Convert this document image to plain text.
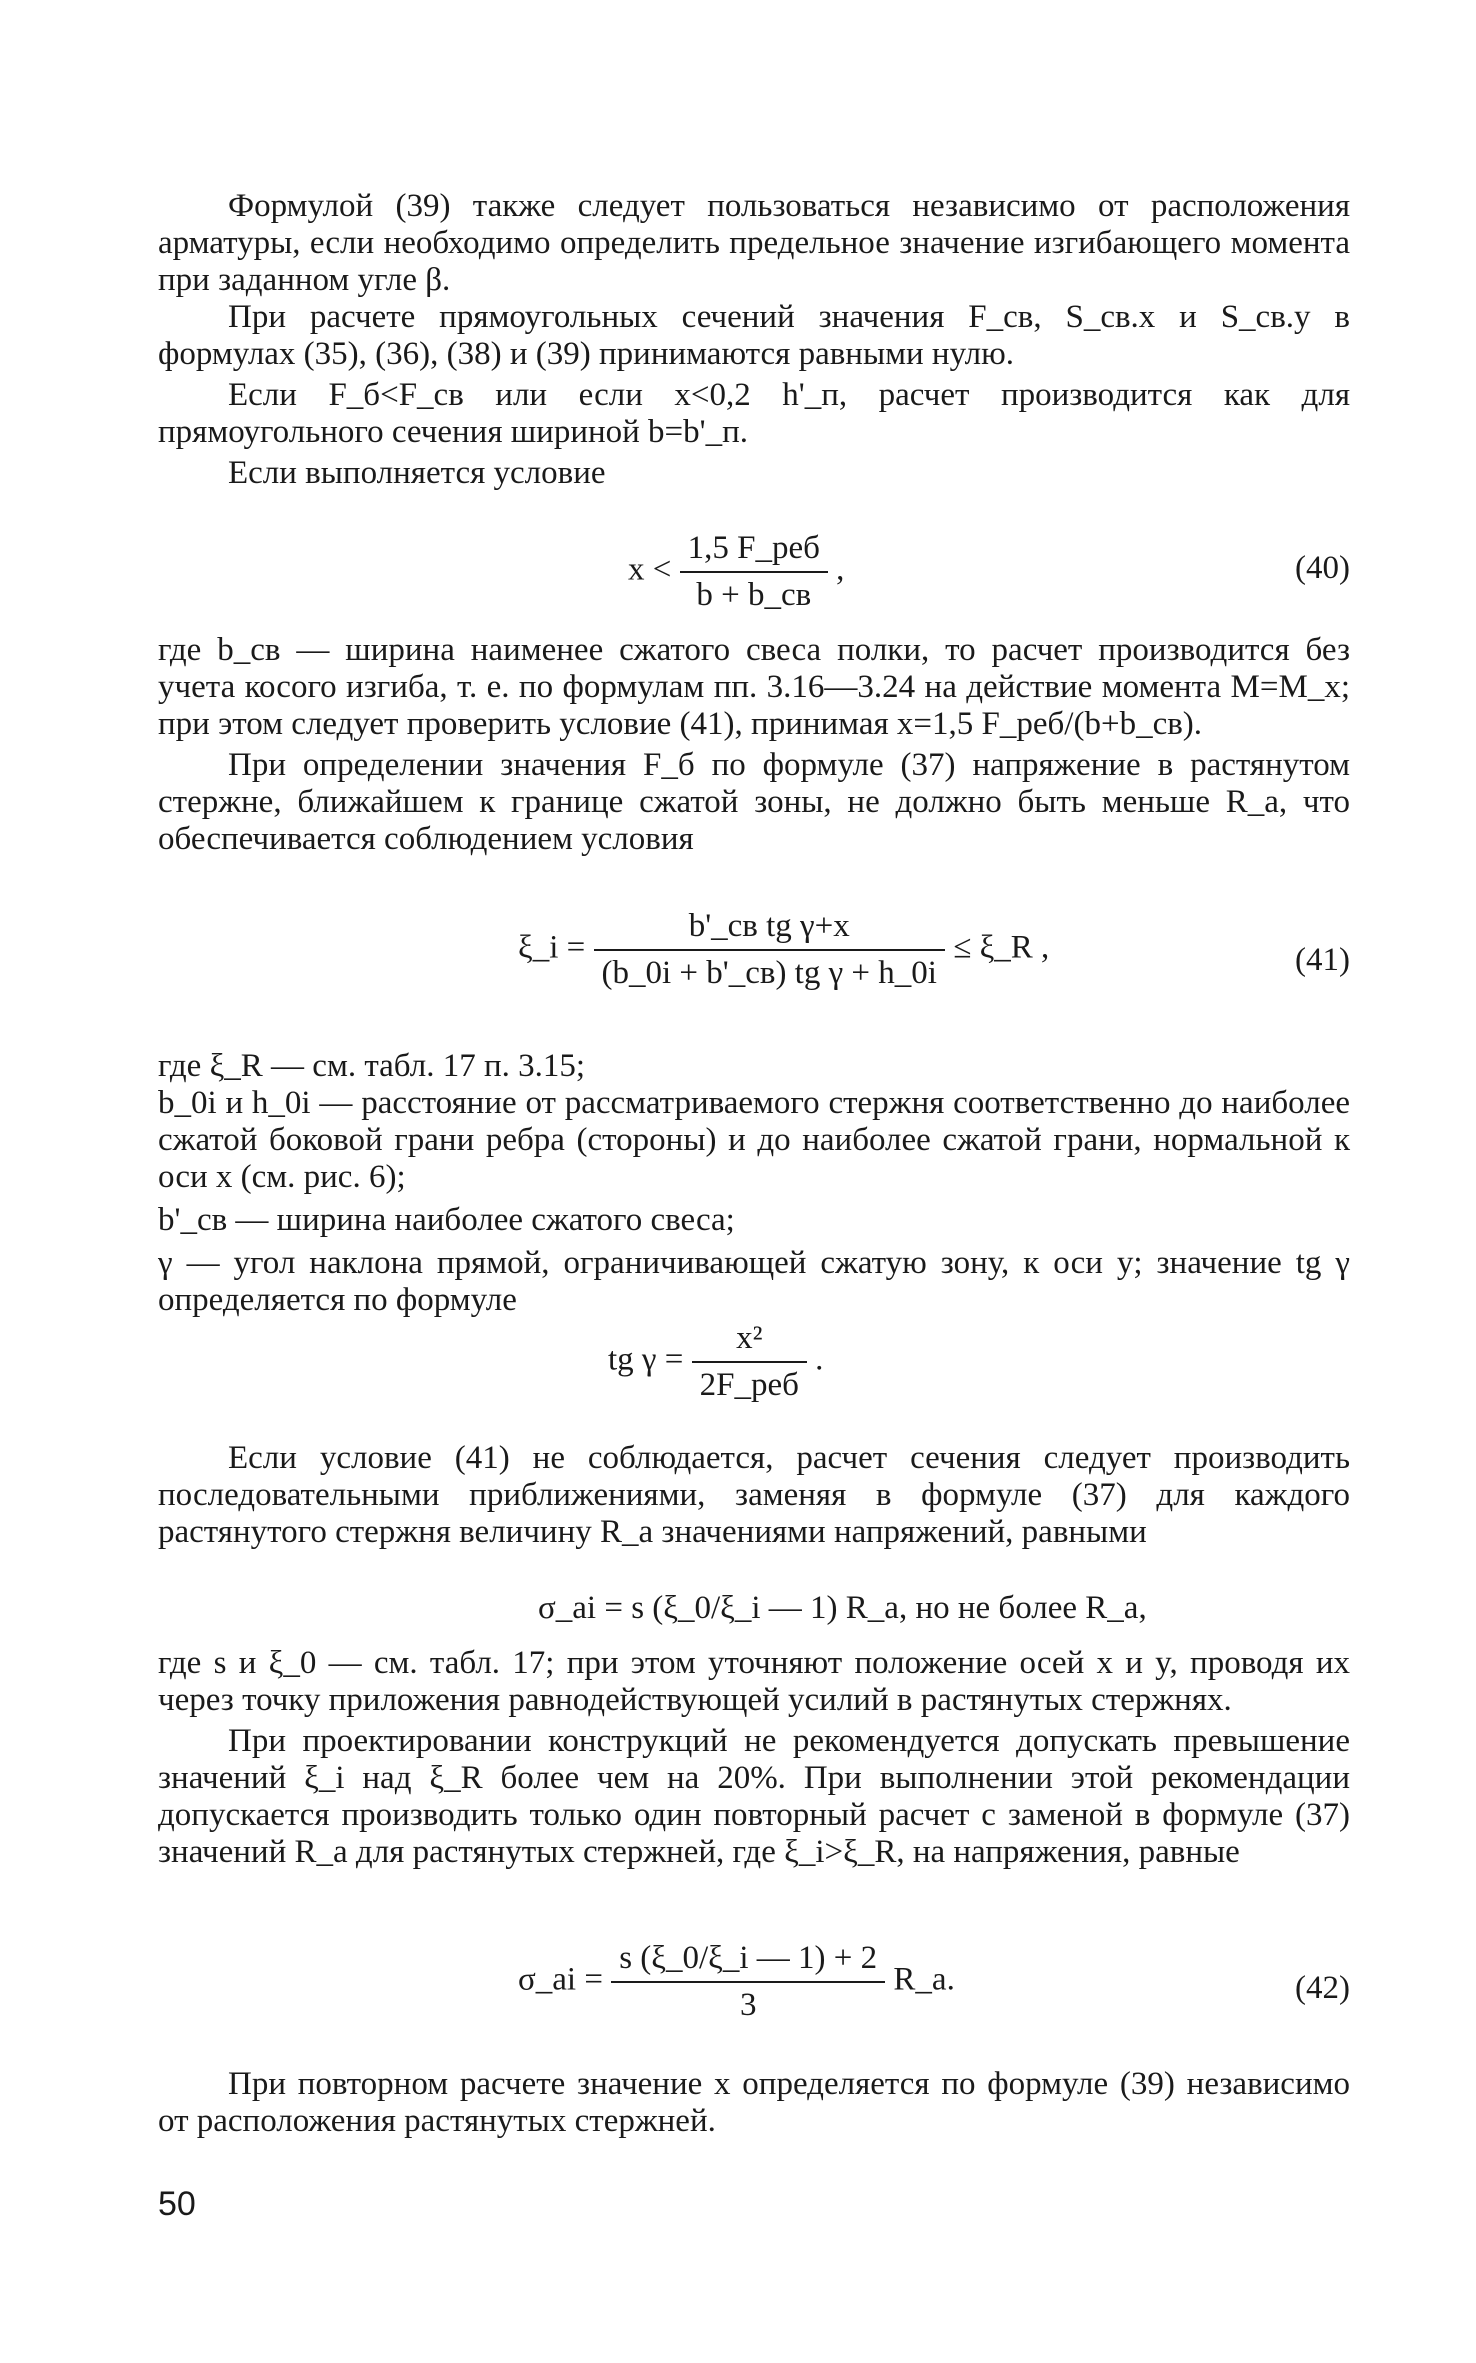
Формулой (39) также следует пользоваться независимо от расположения арматуры, если необходимо определить предельное значение изгибающего момента при заданном угле β.

При расчете прямоугольных сечений значения F_св, S_св.x и S_св.y в формулах (35), (36), (38) и (39) принимаются равными нулю.

Если F_б<F_св или если x<0,2 h'_п, расчет производится как для прямоугольного сечения шириной b=b'_п.

Если выполняется условие

$x < \frac{\text{1,5 F\_реб}}{b + b\_св}$ ,	(40)

где b_св — ширина наименее сжатого свеса полки, то расчет производится без учета косого изгиба, т. е. по формулам пп. 3.16—3.24 на действие момента M=M_x; при этом следует проверить условие (41), принимая x=1,5 F_реб/(b+b_св).

При определении значения F_б по формуле (37) напряжение в растянутом стержне, ближайшем к границе сжатой зоны, не должно быть меньше R_a, что обеспечивается соблюдением условия

ξ_i = $\frac{\text{b'\_св tg γ+x}}{\text{(b\_0i + b'\_св) tg γ + h\_0i}}$ ≤ ξ_R ,	(41)

где ξ_R — см. табл. 17 п. 3.15;

b_0i и h_0i — расстояние от рассматриваемого стержня соответственно до наиболее сжатой боковой грани ребра (стороны) и до наиболее сжатой грани, нормальной к оси x (см. рис. 6);

b'_св — ширина наиболее сжатого свеса;

γ — угол наклона прямой, ограничивающей сжатую зону, к оси y; значение tg γ определяется по формуле

tg $\gamma = \frac{\text{x²}}{\text{2F\_реб}}$ .

Если условие (41) не соблюдается, расчет сечения следует производить последовательными приближениями, заменяя в формуле (37) для каждого растянутого стержня величину R_a значениями напряжений, равными

σ_ai = s (ξ_0/ξ_i — 1) R_a, но не более R_a,

где s и ξ_0 — см. табл. 17; при этом уточняют положение осей x и y, проводя их через точку приложения равнодействующей усилий в растянутых стержнях.

При проектировании конструкций не рекомендуется допускать превышение значений ξ_i над ξ_R более чем на 20%. При выполнении этой рекомендации допускается производить только один повторный расчет с заменой в формуле (37) значений R_a для растянутых стержней, где ξ_i>ξ_R, на напряжения, равные

σ_ai = $\frac{s (\xi\_0/\xi\_i — 1) + 2}{3}$ R_a.	(42)

При повторном расчете значение x определяется по формуле (39) независимо от расположения растянутых стержней.

50
